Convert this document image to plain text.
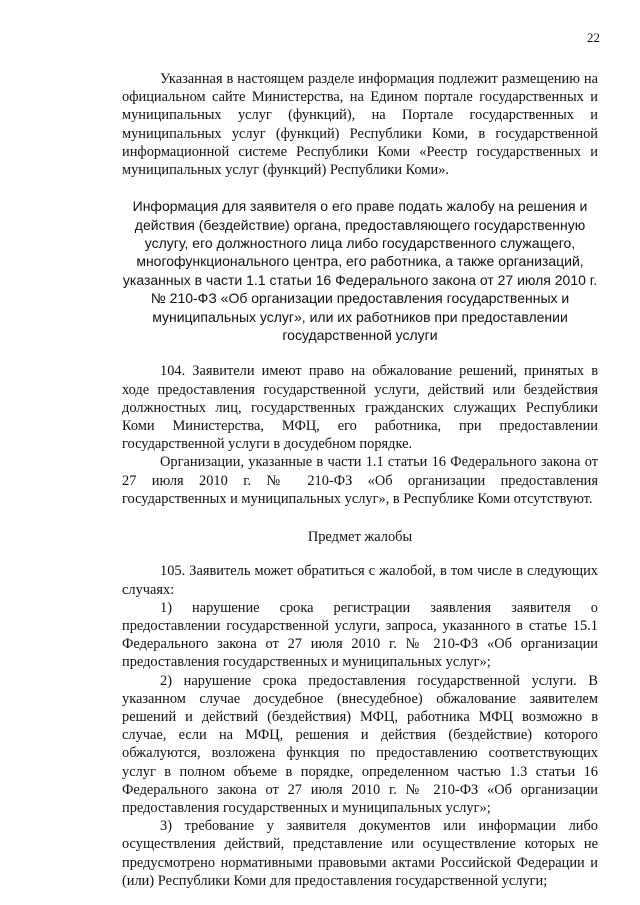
22

Указанная в настоящем разделе информация подлежит размещению на официальном сайте Министерства, на Едином портале государственных и муниципальных услуг (функций), на Портале государственных и муниципальных услуг (функций) Республики Коми, в государственной информационной системе Республики Коми «Реестр государственных и муниципальных услуг (функций) Республики Коми».

Информация для заявителя о его праве подать жалобу на решения и действия (бездействие) органа, предоставляющего государственную услугу, его должностного лица либо государственного служащего, многофункционального центра, его работника, а также организаций, указанных в части 1.1 статьи 16 Федерального закона от 27 июля 2010 г. № 210-ФЗ «Об организации предоставления государственных и муниципальных услуг», или их работников при предоставлении государственной услуги

104. Заявители имеют право на обжалование решений, принятых в ходе предоставления государственной услуги, действий или бездействия должностных лиц, государственных гражданских служащих Республики Коми Министерства, МФЦ, его работника, при предоставлении государственной услуги в досудебном порядке.

Организации, указанные в части 1.1 статьи 16 Федерального закона от 27 июля 2010 г. № 210-ФЗ «Об организации предоставления государственных и муниципальных услуг», в Республике Коми отсутствуют.

Предмет жалобы

105. Заявитель может обратиться с жалобой, в том числе в следующих случаях:

1) нарушение срока регистрации заявления заявителя о предоставлении государственной услуги, запроса, указанного в статье 15.1 Федерального закона от 27 июля 2010 г. № 210-ФЗ «Об организации предоставления государственных и муниципальных услуг»;

2) нарушение срока предоставления государственной услуги. В указанном случае досудебное (внесудебное) обжалование заявителем решений и действий (бездействия) МФЦ, работника МФЦ возможно в случае, если на МФЦ, решения и действия (бездействие) которого обжалуются, возложена функция по предоставлению соответствующих услуг в полном объеме в порядке, определенном частью 1.3 статьи 16 Федерального закона от 27 июля 2010 г. № 210-ФЗ «Об организации предоставления государственных и муниципальных услуг»;

3) требование у заявителя документов или информации либо осуществления действий, представление или осуществление которых не предусмотрено нормативными правовыми актами Российской Федерации и (или) Республики Коми для предоставления государственной услуги;
